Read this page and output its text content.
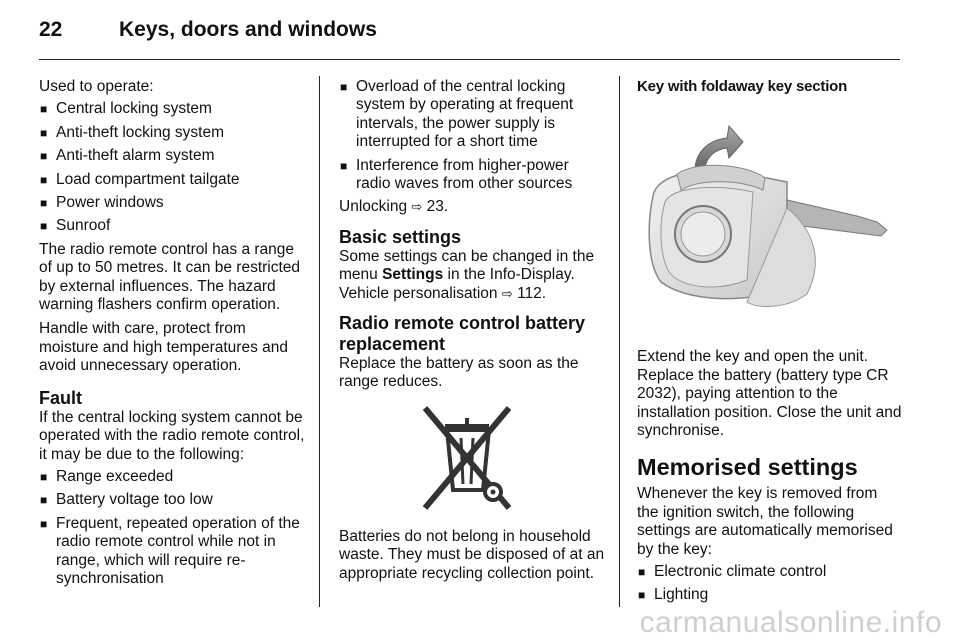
22	Keys, doors and windows

Used to operate:

■ Central locking system
■ Anti-theft locking system
■ Anti-theft alarm system
■ Load compartment tailgate
■ Power windows
■ Sunroof

The radio remote control has a range of up to 50 metres. It can be restricted by external influences. The hazard warning flashers confirm operation.

Handle with care, protect from moisture and high temperatures and avoid unnecessary operation.

Fault

If the central locking system cannot be operated with the radio remote control, it may be due to the following:

■ Range exceeded
■ Battery voltage too low
■ Frequent, repeated operation of the radio remote control while not in range, which will require re-synchronisation
■ Overload of the central locking system by operating at frequent intervals, the power supply is interrupted for a short time
■ Interference from higher-power radio waves from other sources

Unlocking ⇨ 23.

Basic settings

Some settings can be changed in the menu Settings in the Info-Display.

Vehicle personalisation ⇨ 112.

Radio remote control battery replacement

Replace the battery as soon as the range reduces.

Batteries do not belong in household waste. They must be disposed of at an appropriate recycling collection point.

Key with foldaway key section

Extend the key and open the unit. Replace the battery (battery type CR 2032), paying attention to the installation position. Close the unit and synchronise.

Memorised settings

Whenever the key is removed from the ignition switch, the following settings are automatically memorised by the key:

■ Electronic climate control
■ Lighting
carmanualsonline.info
